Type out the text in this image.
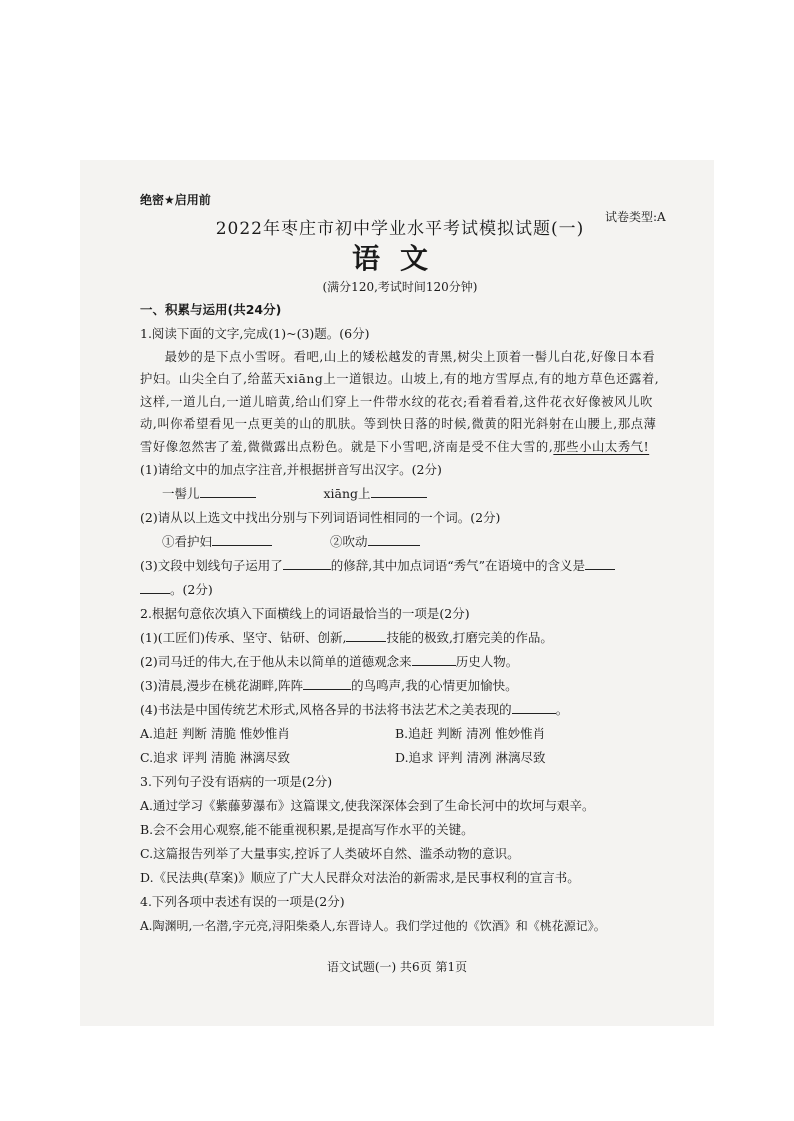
试卷类型:A
绝密★启用前
2022年枣庄市初中学业水平考试模拟试题(一)
语文
(满分120,考试时间120分钟)
一、积累与运用(共24分)
1.阅读下面的文字,完成(1)~(3)题。(6分)
最妙的是下点小雪呀。看吧,山上的矮松越发的青黑,树尖上顶着一髻儿白花,好像日本看护妇。山尖全白了,给蓝天xiāng上一道银边。山坡上,有的地方雪厚点,有的地方草色还露着,这样,一道儿白,一道儿暗黄,给山们穿上一件带水纹的花衣;看着看着,这件花衣好像被风儿吹动,叫你希望看见一点更美的山的肌肤。等到快日落的时候,微黄的阳光斜射在山腰上,那点薄雪好像忽然害了羞,微微露出点粉色。就是下小雪吧,济南是受不住大雪的,那些小山太秀气!
(1)请给文中的加点字注音,并根据拼音写出汉字。(2分)
一髻儿	xiāng上
(2)请从以上选文中找出分别与下列词语词性相同的一个词。(2分)
①看护妇	②吹动
(3)文段中划线句子运用了	的修辞,其中加点词语“秀气”在语境中的含义是
。(2分)
2.根据句意依次填入下面横线上的词语最恰当的一项是(2分)
(1)(工匠们)传承、坚守、钻研、创新,	技能的极致,打磨完美的作品。
(2)司马迁的伟大,在于他从未以简单的道德观念来	历史人物。
(3)清晨,漫步在桃花湖畔,阵阵	的鸟鸣声,我的心情更加愉快。
(4)书法是中国传统艺术形式,风格各异的书法将书法艺术之美表现的	。
A.追赶 判断 清脆 惟妙惟肖	B.追赶 判断 清冽 惟妙惟肖
C.追求 评判 清脆 淋漓尽致	D.追求 评判 清冽 淋漓尽致
3.下列句子没有语病的一项是(2分)
A.通过学习《紫藤萝瀑布》这篇课文,使我深深体会到了生命长河中的坎坷与艰辛。
B.会不会用心观察,能不能重视积累,是提高写作水平的关键。
C.这篇报告列举了大量事实,控诉了人类破坏自然、滥杀动物的意识。
D.《民法典(草案)》顺应了广大人民群众对法治的新需求,是民事权利的宣言书。
4.下列各项中表述有误的一项是(2分)
A.陶渊明,一名潜,字元亮,浔阳柴桑人,东晋诗人。我们学过他的《饮酒》和《桃花源记》。
语文试题(一) 共6页 第1页
